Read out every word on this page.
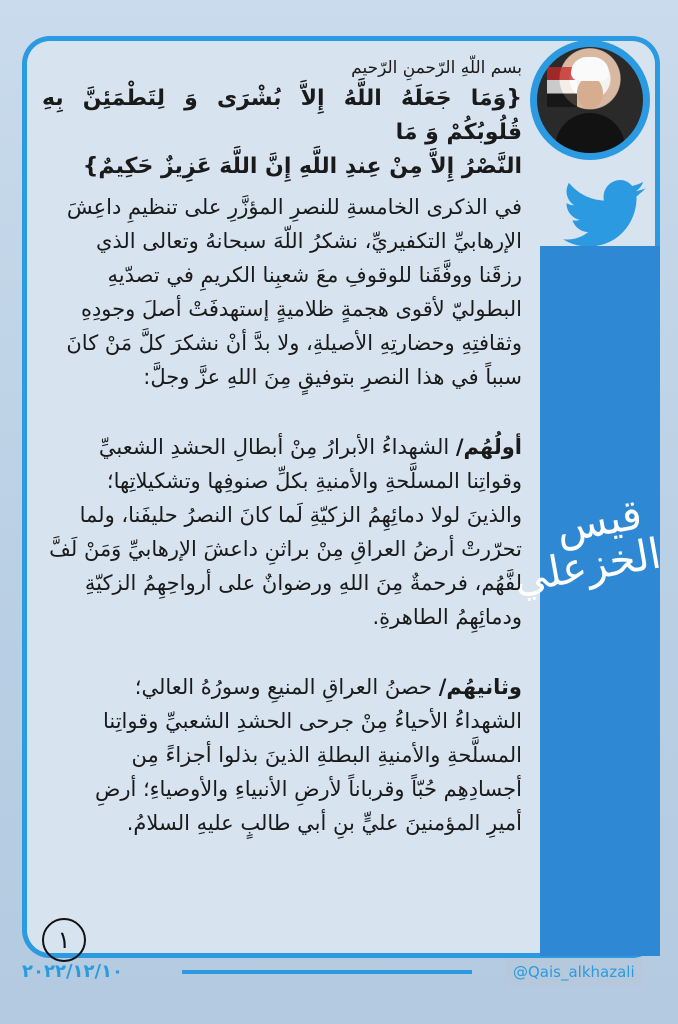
قيس الخزعلي
بسم اللّهِ الرّحمنِ الرّحيم
{وَمَا جَعَلَهُ اللَّهُ إِلاَّ بُشْرَى وَ لِتَطْمَئِنَّ بِهِ قُلُوبُكُمْ وَ مَا
النَّصْرُ إِلاَّ مِنْ عِندِ اللَّهِ إِنَّ اللَّهَ عَزِيزٌ حَكِيمٌ}
في الذكرى الخامسةِ للنصرِ المؤزَّرِ على تنظيمِ داعِشَ
الإرهابيِّ التكفيريِّ، نشكرُ اللّهَ سبحانهُ وتعالى الذي
رزقَنا ووفَّقَنا للوقوفِ معَ شعبِنا الكريمِ في تصدّيهِ
البطوليّ لأقوى هجمةٍ ظلاميةٍ إستهدفَتْ أصلَ وجودِهِ
وثقافتِهِ وحضارتِهِ الأصيلةِ، ولا بدَّ أنْ نشكرَ كلَّ مَنْ كانَ
سبباً في هذا النصرِ بتوفيقٍ مِنَ اللهِ عزَّ وجلَّ:
أولُهُم/ الشهداءُ الأبرارُ مِنْ أبطالِ الحشدِ الشعبيِّ
وقواتِنا المسلَّحةِ والأمنيةِ بكلِّ صنوفِها وتشكيلاتِها؛
والذينَ لولا دمائِهِمُ الزكيّةِ لَما كانَ النصرُ حليفَنا، ولما
تحرّرتْ أرضُ العراقِ مِنْ براثنِ داعشَ الإرهابيِّ وَمَنْ لَفَّ
لفَّهُم، فرحمةٌ مِنَ اللهِ ورضوانٌ على أرواحِهِمُ الزكيّةِ
ودمائِهِمُ الطاهرةِ.
وثانيهُم/ حصنُ العراقِ المنيعِ وسورُهُ العالي؛
الشهداءُ الأحياءُ مِنْ جرحى الحشدِ الشعبيِّ وقواتِنا
المسلَّحةِ والأمنيةِ البطلةِ الذينَ بذلوا أجزاءً مِن
أجسادِهِم حُبّاً وقرباناً لأرضِ الأنبياءِ والأوصياءِ؛ أرضِ
أميرِ المؤمنينَ عليٍّ بنِ أبي طالبٍ عليهِ السلامُ.
١
٢٠٢٢/١٢/١٠	@Qais_alkhazali
